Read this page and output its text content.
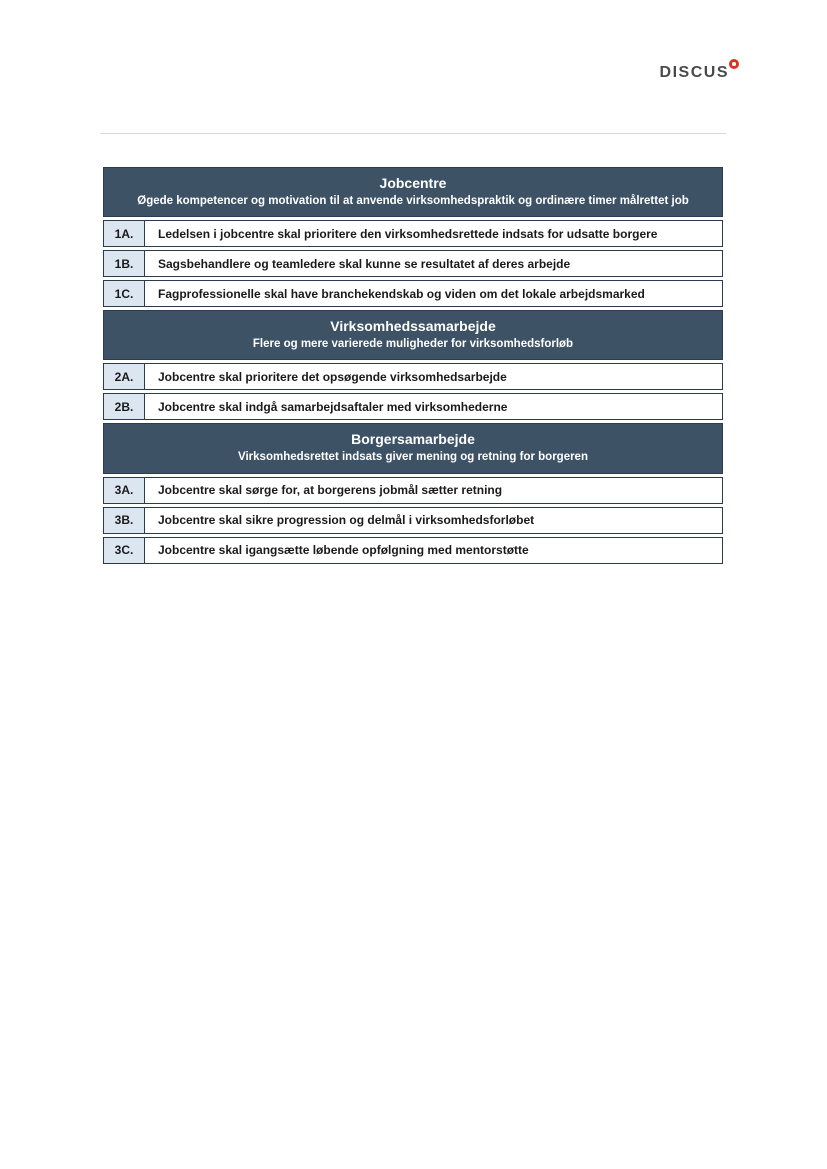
DISCUS
Jobcentre
Øgede kompetencer og motivation til at anvende virksomhedspraktik og ordinære timer målrettet job
1A.	Ledelsen i jobcentre skal prioritere den virksomhedsrettede indsats for udsatte borgere
1B.	Sagsbehandlere og teamledere skal kunne se resultatet af deres arbejde
1C.	Fagprofessionelle skal have branchekendskab og viden om det lokale arbejdsmarked
Virksomhedssamarbejde
Flere og mere varierede muligheder for virksomhedsforløb
2A.	Jobcentre skal prioritere det opsøgende virksomhedsarbejde
2B.	Jobcentre skal indgå samarbejdsaftaler med virksomhederne
Borgersamarbejde
Virksomhedsrettet indsats giver mening og retning for borgeren
3A.	Jobcentre skal sørge for, at borgerens jobmål sætter retning
3B.	Jobcentre skal sikre progression og delmål i virksomhedsforløbet
3C.	Jobcentre skal igangsætte løbende opfølgning med mentorstøtte
